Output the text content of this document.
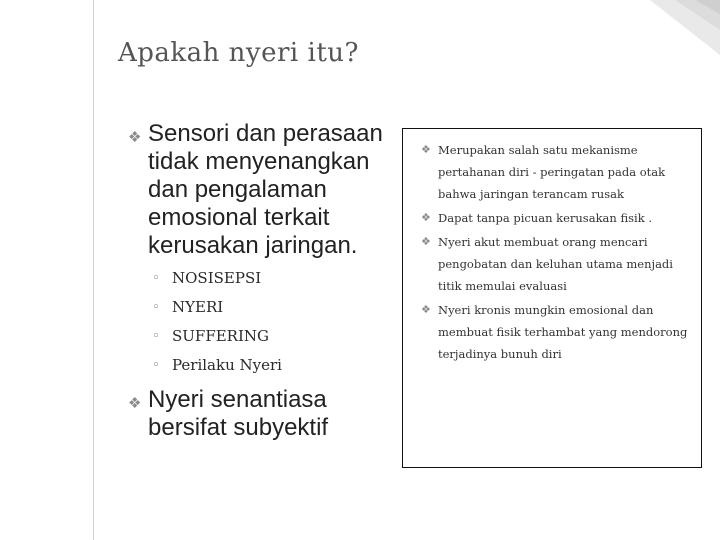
Apakah nyeri itu?
❖ Sensori dan perasaan tidak menyenangkan dan pengalaman emosional terkait kerusakan jaringan.
◦ NOSISEPSI
◦ NYERI
◦ SUFFERING
◦ Perilaku Nyeri
❖ Nyeri senantiasa bersifat subyektif
❖ Merupakan salah satu mekanisme pertahanan diri - peringatan pada otak bahwa jaringan terancam rusak
❖ Dapat tanpa picuan kerusakan fisik .
❖ Nyeri akut membuat orang mencari pengobatan dan keluhan utama menjadi titik memulai evaluasi
❖ Nyeri kronis mungkin emosional dan membuat fisik terhambat yang mendorong terjadinya bunuh diri
